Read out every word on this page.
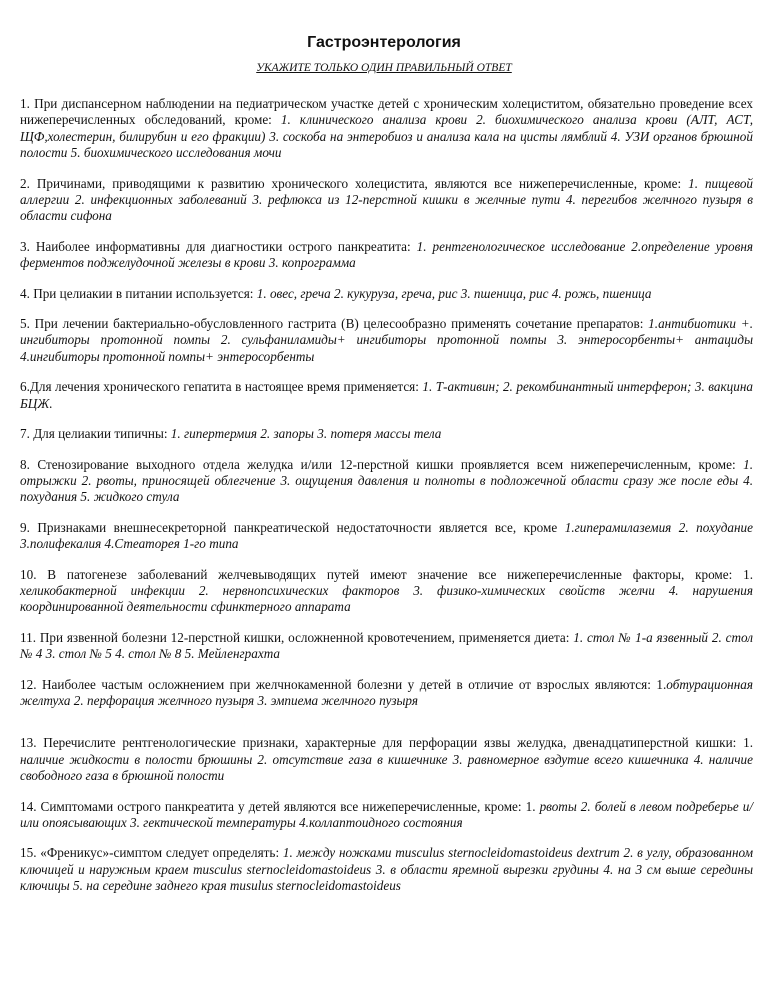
Гастроэнтерология
УКАЖИТЕ ТОЛЬКО ОДИН ПРАВИЛЬНЫЙ ОТВЕТ

1. При диспансерном наблюдении на педиатрическом участке детей с хроническим холециститом, обязательно проведение всех нижеперечисленных обследований, кроме: 1. клинического анализа крови 2. биохимического анализа крови (АЛТ, АСТ, ЩФ,холестерин, билирубин и его фракции) 3. соскоба на энтеробиоз и анализа кала на цисты лямблий 4. УЗИ органов брюшной полости 5. биохимического исследования мочи

2. Причинами, приводящими к развитию хронического холецистита, являются все нижеперечисленные, кроме: 1. пищевой аллергии 2. инфекционных заболеваний 3. рефлюкса из 12-перстной кишки в желчные пути 4. перегибов желчного пузыря в области сифона

3. Наиболее информативны для диагностики острого панкреатита: 1. рентгенологическое исследование 2.определение уровня ферментов поджелудочной железы в крови 3. копрограмма

4. При целиакии в питании используется: 1. овес, греча 2. кукуруза, греча, рис 3. пшеница, рис 4. рожь, пшеница

5. При лечении бактериально-обусловленного гастрита (В) целесообразно применять сочетание препаратов: 1.антибиотики +. ингибиторы протонной помпы 2. сульфаниламиды+ ингибиторы протонной помпы 3. энтеросорбенты+ антациды 4.ингибиторы протонной помпы+ энтеросорбенты

6.Для лечения хронического гепатита в настоящее время применяется: 1. Т-активин; 2. рекомбинантный интерферон; 3. вакцина БЦЖ.

7. Для целиакии типичны: 1. гипертермия 2. запоры 3. потеря массы тела

8. Стенозирование выходного отдела желудка и/или 12-перстной кишки проявляется всем нижеперечисленным, кроме: 1. отрыжки 2. рвоты, приносящей облегчение 3. ощущения давления и полноты в подложечной области сразу же после еды 4. похудания 5. жидкого стула

9. Признаками внешнесекреторной панкреатической недостаточности является все, кроме 1.гиперамилаземия 2. похудание 3.полифекалия 4.Стеаторея 1-го типа

10. В патогенезе заболеваний желчевыводящих путей имеют значение все нижеперечисленные факторы, кроме: 1. хеликобактерной инфекции 2. нервнопсихических факторов 3. физико-химических свойств желчи 4. нарушения координированной деятельности сфинктерного аппарата

11. При язвенной болезни 12-перстной кишки, осложненной кровотечением, применяется диета: 1. стол № 1-а язвенный 2. стол № 4 3. стол № 5 4. стол № 8 5. Мейленграхта

12. Наиболее частым осложнением при желчнокаменной болезни у детей в отличие от взрослых являются: 1.обтурационная желтуха 2. перфорация желчного пузыря 3. эмпиема желчного пузыря

13. Перечислите рентгенологические признаки, характерные для перфорации язвы желудка, двенадцатиперстной кишки: 1. наличие жидкости в полости брюшины 2. отсутствие газа в кишечнике 3. равномерное вздутие всего кишечника 4. наличие свободного газа в брюшной полости

14. Симптомами острого панкреатита у детей являются все нижеперечисленные, кроме: 1. рвоты 2. болей в левом подреберье и/или опоясывающих 3. гектической температуры 4.коллаптоидного состояния

15. «Френикус»-симптом следует определять: 1. между ножками musculus sternocleidomastoideus dextrum 2. в углу, образованном ключицей и наружным краем musculus sternocleidomastoideus 3. в области яремной вырезки грудины 4. на 3 см выше середины ключицы 5. на середине заднего края musulus sternocleidomastoideus
